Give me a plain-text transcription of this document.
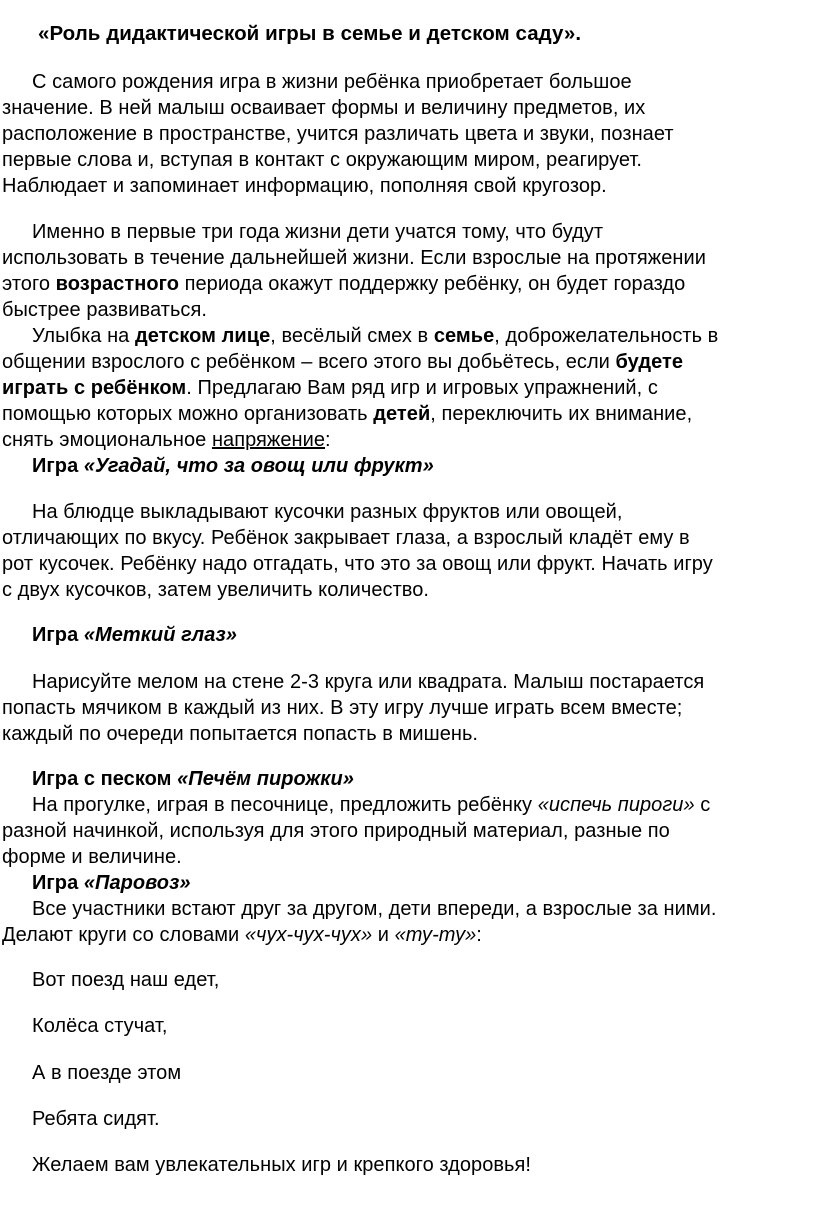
«Роль дидактической игры в семье и детском саду».
С самого рождения игра в жизни ребёнка приобретает большое
значение. В ней малыш осваивает формы и величину предметов, их
расположение в пространстве, учится различать цвета и звуки, познает
первые слова и, вступая в контакт с окружающим миром, реагирует.
Наблюдает и запоминает информацию, пополняя свой кругозор.
Именно в первые три года жизни дети учатся тому, что будут
использовать в течение дальнейшей жизни. Если взрослые на протяжении
этого возрастного периода окажут поддержку ребёнку, он будет гораздо
быстрее развиваться.
Улыбка на детском лице, весёлый смех в семье, доброжелательность в
общении взрослого с ребёнком – всего этого вы добьётесь, если будете
играть с ребёнком. Предлагаю Вам ряд игр и игровых упражнений, с
помощью которых можно организовать детей, переключить их внимание,
снять эмоциональное напряжение:
Игра «Угадай, что за овощ или фрукт»
На блюдце выкладывают кусочки разных фруктов или овощей,
отличающих по вкусу. Ребёнок закрывает глаза, а взрослый кладёт ему в
рот кусочек. Ребёнку надо отгадать, что это за овощ или фрукт. Начать игру
с двух кусочков, затем увеличить количество.
Игра «Меткий глаз»
Нарисуйте мелом на стене 2-3 круга или квадрата. Малыш постарается
попасть мячиком в каждый из них. В эту игру лучше играть всем вместе;
каждый по очереди попытается попасть в мишень.
Игра с песком «Печём пирожки»
На прогулке, играя в песочнице, предложить ребёнку «испечь пироги» с
разной начинкой, используя для этого природный материал, разные по
форме и величине.
Игра «Паровоз»
Все участники встают друг за другом, дети впереди, а взрослые за ними.
Делают круги со словами «чух-чух-чух» и «ту-ту»:
Вот поезд наш едет,
Колёса стучат,
А в поезде этом
Ребята сидят.
Желаем вам увлекательных игр и крепкого здоровья!
